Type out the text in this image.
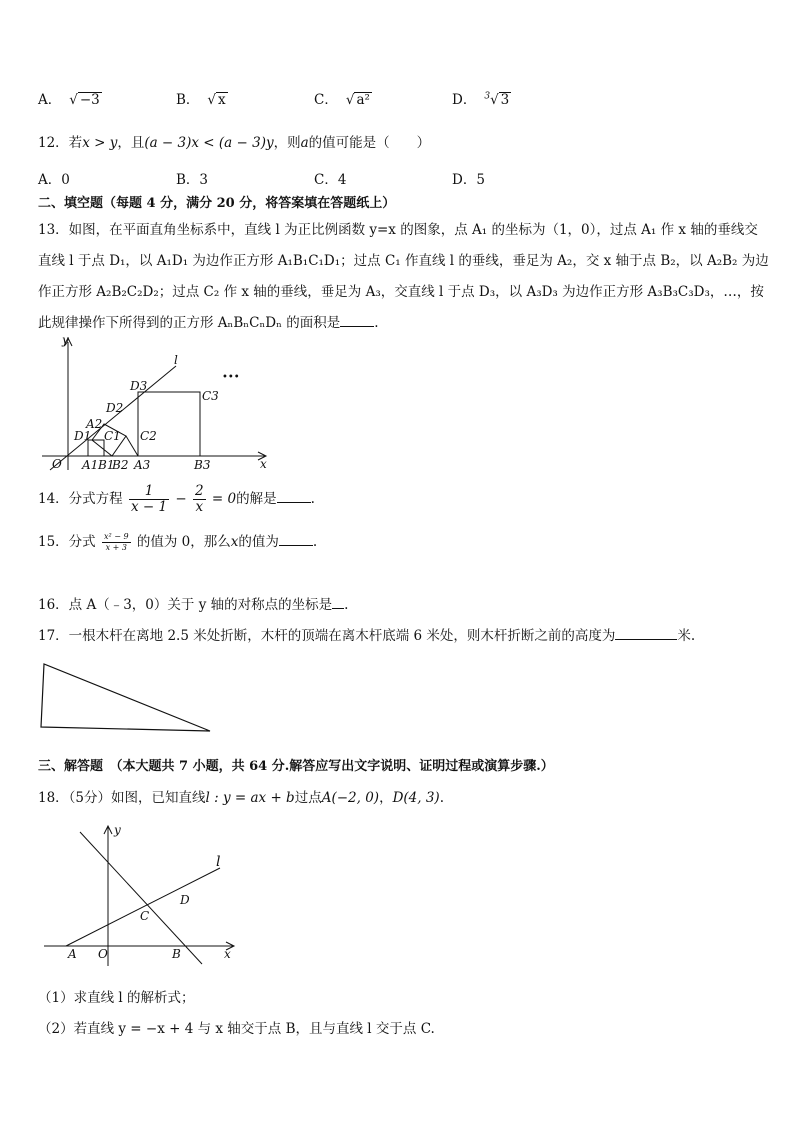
A． √ −3	B． √ x	C． √ a²	D． $^3$√ 3
12．若x > y，且(a − 3)x < (a − 3)y，则a的值可能是（　　）
A．0	B．3	C．4	D．5
二、填空题（每题 4 分，满分 20 分，将答案填在答题纸上）
13．如图，在平面直角坐标系中，直线 l 为正比例函数 y=x 的图象，点 A₁ 的坐标为（1，0），过点 A₁ 作 x 轴的垂线交
直线 l 于点 D₁，以 A₁D₁ 为边作正方形 A₁B₁C₁D₁；过点 C₁ 作直线 l 的垂线，垂足为 A₂，交 x 轴于点 B₂，以 A₂B₂ 为边
作正方形 A₂B₂C₂D₂；过点 C₂ 作 x 轴的垂线，垂足为 A₃，交直线 l 于点 D₃，以 A₃D₃ 为边作正方形 A₃B₃C₃D₃，…，按
此规律操作下所得到的正方形 AₙBₙCₙDₙ 的面积是	.
y
x
O
l
•••
D1
A2
D2
D3
C1 C2
C3
A1 B1
B2 A3	B3
14．分式方程 $\frac{1}{x - 1} - \frac{2}{x} = 0$的解是	.
15．分式 $\frac{\text{x² − 9}}{x + 3}$ 的值为 0，那么x的值为	.
16．点 A（﹣3，0）关于 y 轴的对称点的坐标是 .
17．一根木杆在离地 2.5 米处折断，木杆的顶端在离木杆底端 6 米处，则木杆折断之前的高度为	米.
三、解答题　（本大题共 7 小题，共 64 分.解答应写出文字说明、证明过程或演算步骤.）
18．（5分）如图，已知直线l : y = ax + b过点A(−2, 0)，D(4, 3).
y
x
l
A O	B
C
D
（1）求直线 l 的解析式；
（2）若直线 y = −x + 4 与 x 轴交于点 B，且与直线 l 交于点 C.
